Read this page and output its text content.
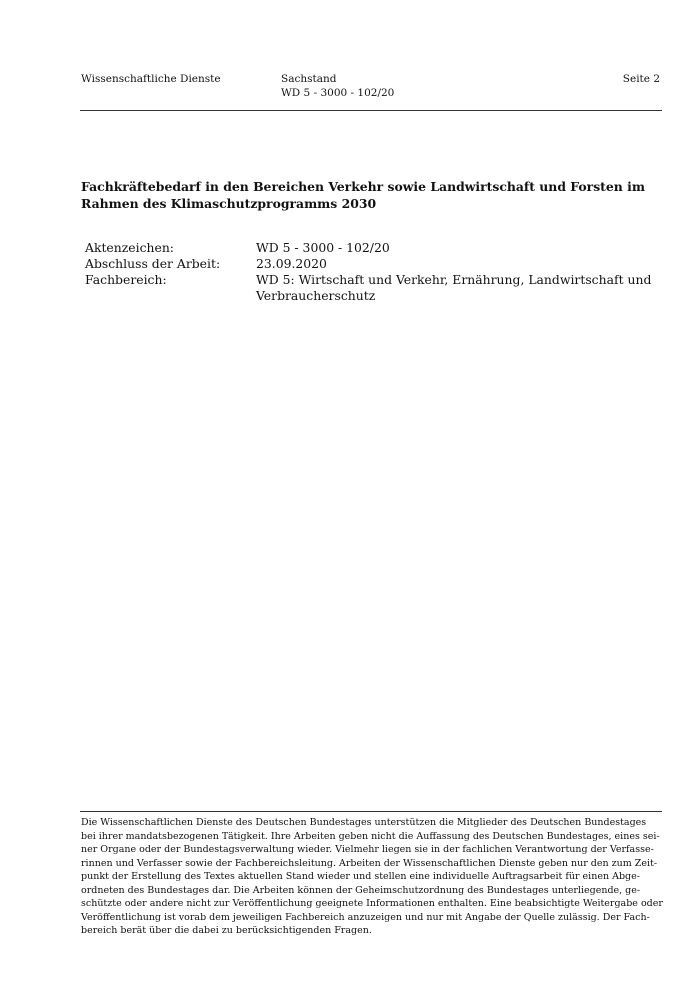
Wissenschaftliche Dienste	Sachstand
WD 5 - 3000 - 102/20
Seite 2
Fachkräftebedarf in den Bereichen Verkehr sowie Landwirtschaft und Forsten im Rahmen des Klimaschutzprogramms 2030
Aktenzeichen:	WD 5 - 3000 - 102/20
Abschluss der Arbeit:	23.09.2020
Fachbereich:	WD 5: Wirtschaft und Verkehr, Ernährung, Landwirtschaft und Verbraucherschutz
Die Wissenschaftlichen Dienste des Deutschen Bundestages unterstützen die Mitglieder des Deutschen Bundestages
bei ihrer mandatsbezogenen Tätigkeit. Ihre Arbeiten geben nicht die Auffassung des Deutschen Bundestages, eines sei-
ner Organe oder der Bundestagsverwaltung wieder. Vielmehr liegen sie in der fachlichen Verantwortung der Verfasse-
rinnen und Verfasser sowie der Fachbereichsleitung. Arbeiten der Wissenschaftlichen Dienste geben nur den zum Zeit-
punkt der Erstellung des Textes aktuellen Stand wieder und stellen eine individuelle Auftragsarbeit für einen Abge-
ordneten des Bundestages dar. Die Arbeiten können der Geheimschutzordnung des Bundestages unterliegende, ge-
schützte oder andere nicht zur Veröffentlichung geeignete Informationen enthalten. Eine beabsichtigte Weitergabe oder
Veröffentlichung ist vorab dem jeweiligen Fachbereich anzuzeigen und nur mit Angabe der Quelle zulässig. Der Fach-
bereich berät über die dabei zu berücksichtigenden Fragen.
